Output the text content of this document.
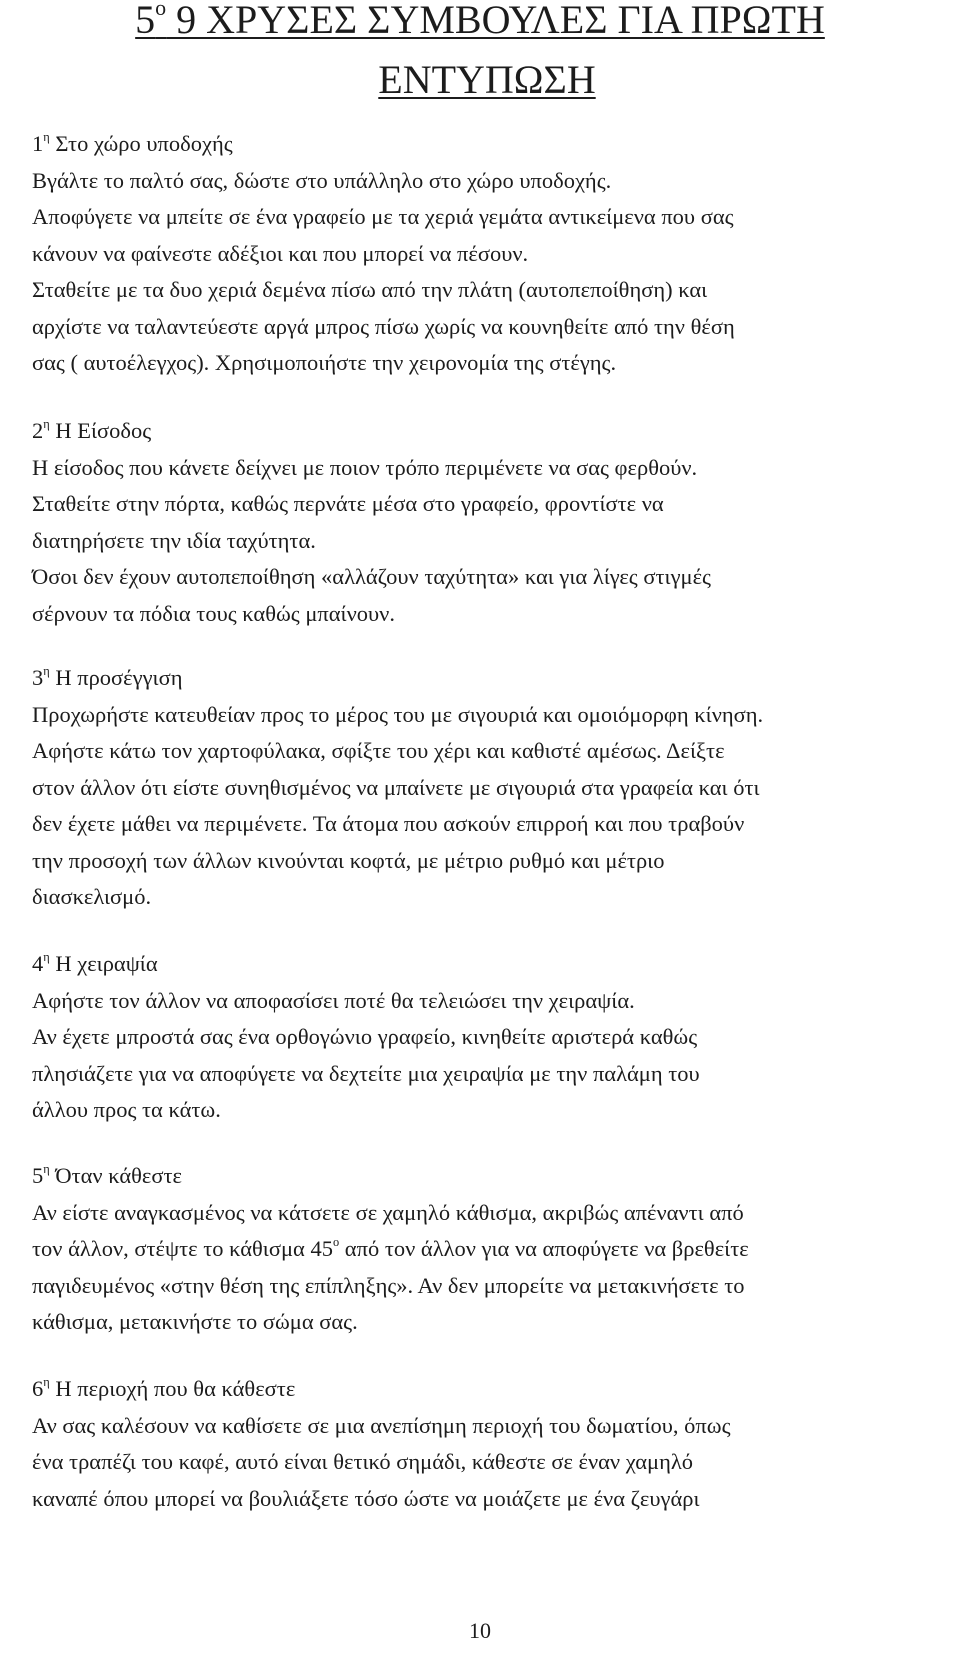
$5^o$ 9 ΧΡΥΣΕΣ ΣΥΜΒΟΥΛΕΣ ΓΙΑ ΠΡΩΤΗ
ΕΝΤΥΠΩΣΗ
$1^\eta$ Στο χώρο υποδοχής
Βγάλτε το παλτό σας, δώστε στο υπάλληλο στο χώρο υποδοχής.
Αποφύγετε να μπείτε σε ένα γραφείο με τα χεριά γεμάτα αντικείμενα που σας
κάνουν να φαίνεστε αδέξιοι και που μπορεί να πέσουν.
Σταθείτε με τα δυο χεριά δεμένα πίσω από την πλάτη (αυτοπεποίθηση) και
αρχίστε να ταλαντεύεστε αργά μπρος πίσω χωρίς να κουνηθείτε από την θέση
σας ( αυτοέλεγχος). Χρησιμοποιήστε την χειρονομία της στέγης.
$2^\eta$ Η Είσοδος
Η είσοδος που κάνετε δείχνει με ποιον τρόπο περιμένετε να σας φερθούν.
Σταθείτε στην πόρτα, καθώς περνάτε μέσα στο γραφείο, φροντίστε να
διατηρήσετε την ιδία ταχύτητα.
Όσοι δεν έχουν αυτοπεποίθηση «αλλάζουν ταχύτητα» και για λίγες στιγμές
σέρνουν τα πόδια τους καθώς μπαίνουν.
$3^\eta$ Η προσέγγιση
Προχωρήστε κατευθείαν προς το μέρος του με σιγουριά και ομοιόμορφη κίνηση.
Αφήστε κάτω τον χαρτοφύλακα, σφίξτε του χέρι και καθιστέ αμέσως. Δείξτε
στον άλλον ότι είστε συνηθισμένος να μπαίνετε με σιγουριά στα γραφεία και ότι
δεν έχετε μάθει να περιμένετε. Τα άτομα που ασκούν επιρροή και που τραβούν
την προσοχή των άλλων κινούνται κοφτά, με μέτριο ρυθμό και μέτριο
διασκελισμό.
$4^\eta$ Η χειραψία
Αφήστε τον άλλον να αποφασίσει ποτέ θα τελειώσει την χειραψία.
Αν έχετε μπροστά σας ένα ορθογώνιο γραφείο, κινηθείτε αριστερά καθώς
πλησιάζετε για να αποφύγετε να δεχτείτε μια χειραψία με την παλάμη του
άλλου προς τα κάτω.
$5^\eta$ Όταν κάθεστε
Αν είστε αναγκασμένος να κάτσετε σε χαμηλό κάθισμα, ακριβώς απέναντι από
τον άλλον, στέψτε το κάθισμα $45^o$ από τον άλλον για να αποφύγετε να βρεθείτε
παγιδευμένος «στην θέση της επίπληξης». Αν δεν μπορείτε να μετακινήσετε το
κάθισμα, μετακινήστε το σώμα σας.
$6^\eta$ Η περιοχή που θα κάθεστε
Αν σας καλέσουν να καθίσετε σε μια ανεπίσημη περιοχή του δωματίου, όπως
ένα τραπέζι του καφέ, αυτό είναι θετικό σημάδι, κάθεστε σε έναν χαμηλό
καναπέ όπου μπορεί να βουλιάξετε τόσο ώστε να μοιάζετε με ένα ζευγάρι
10
